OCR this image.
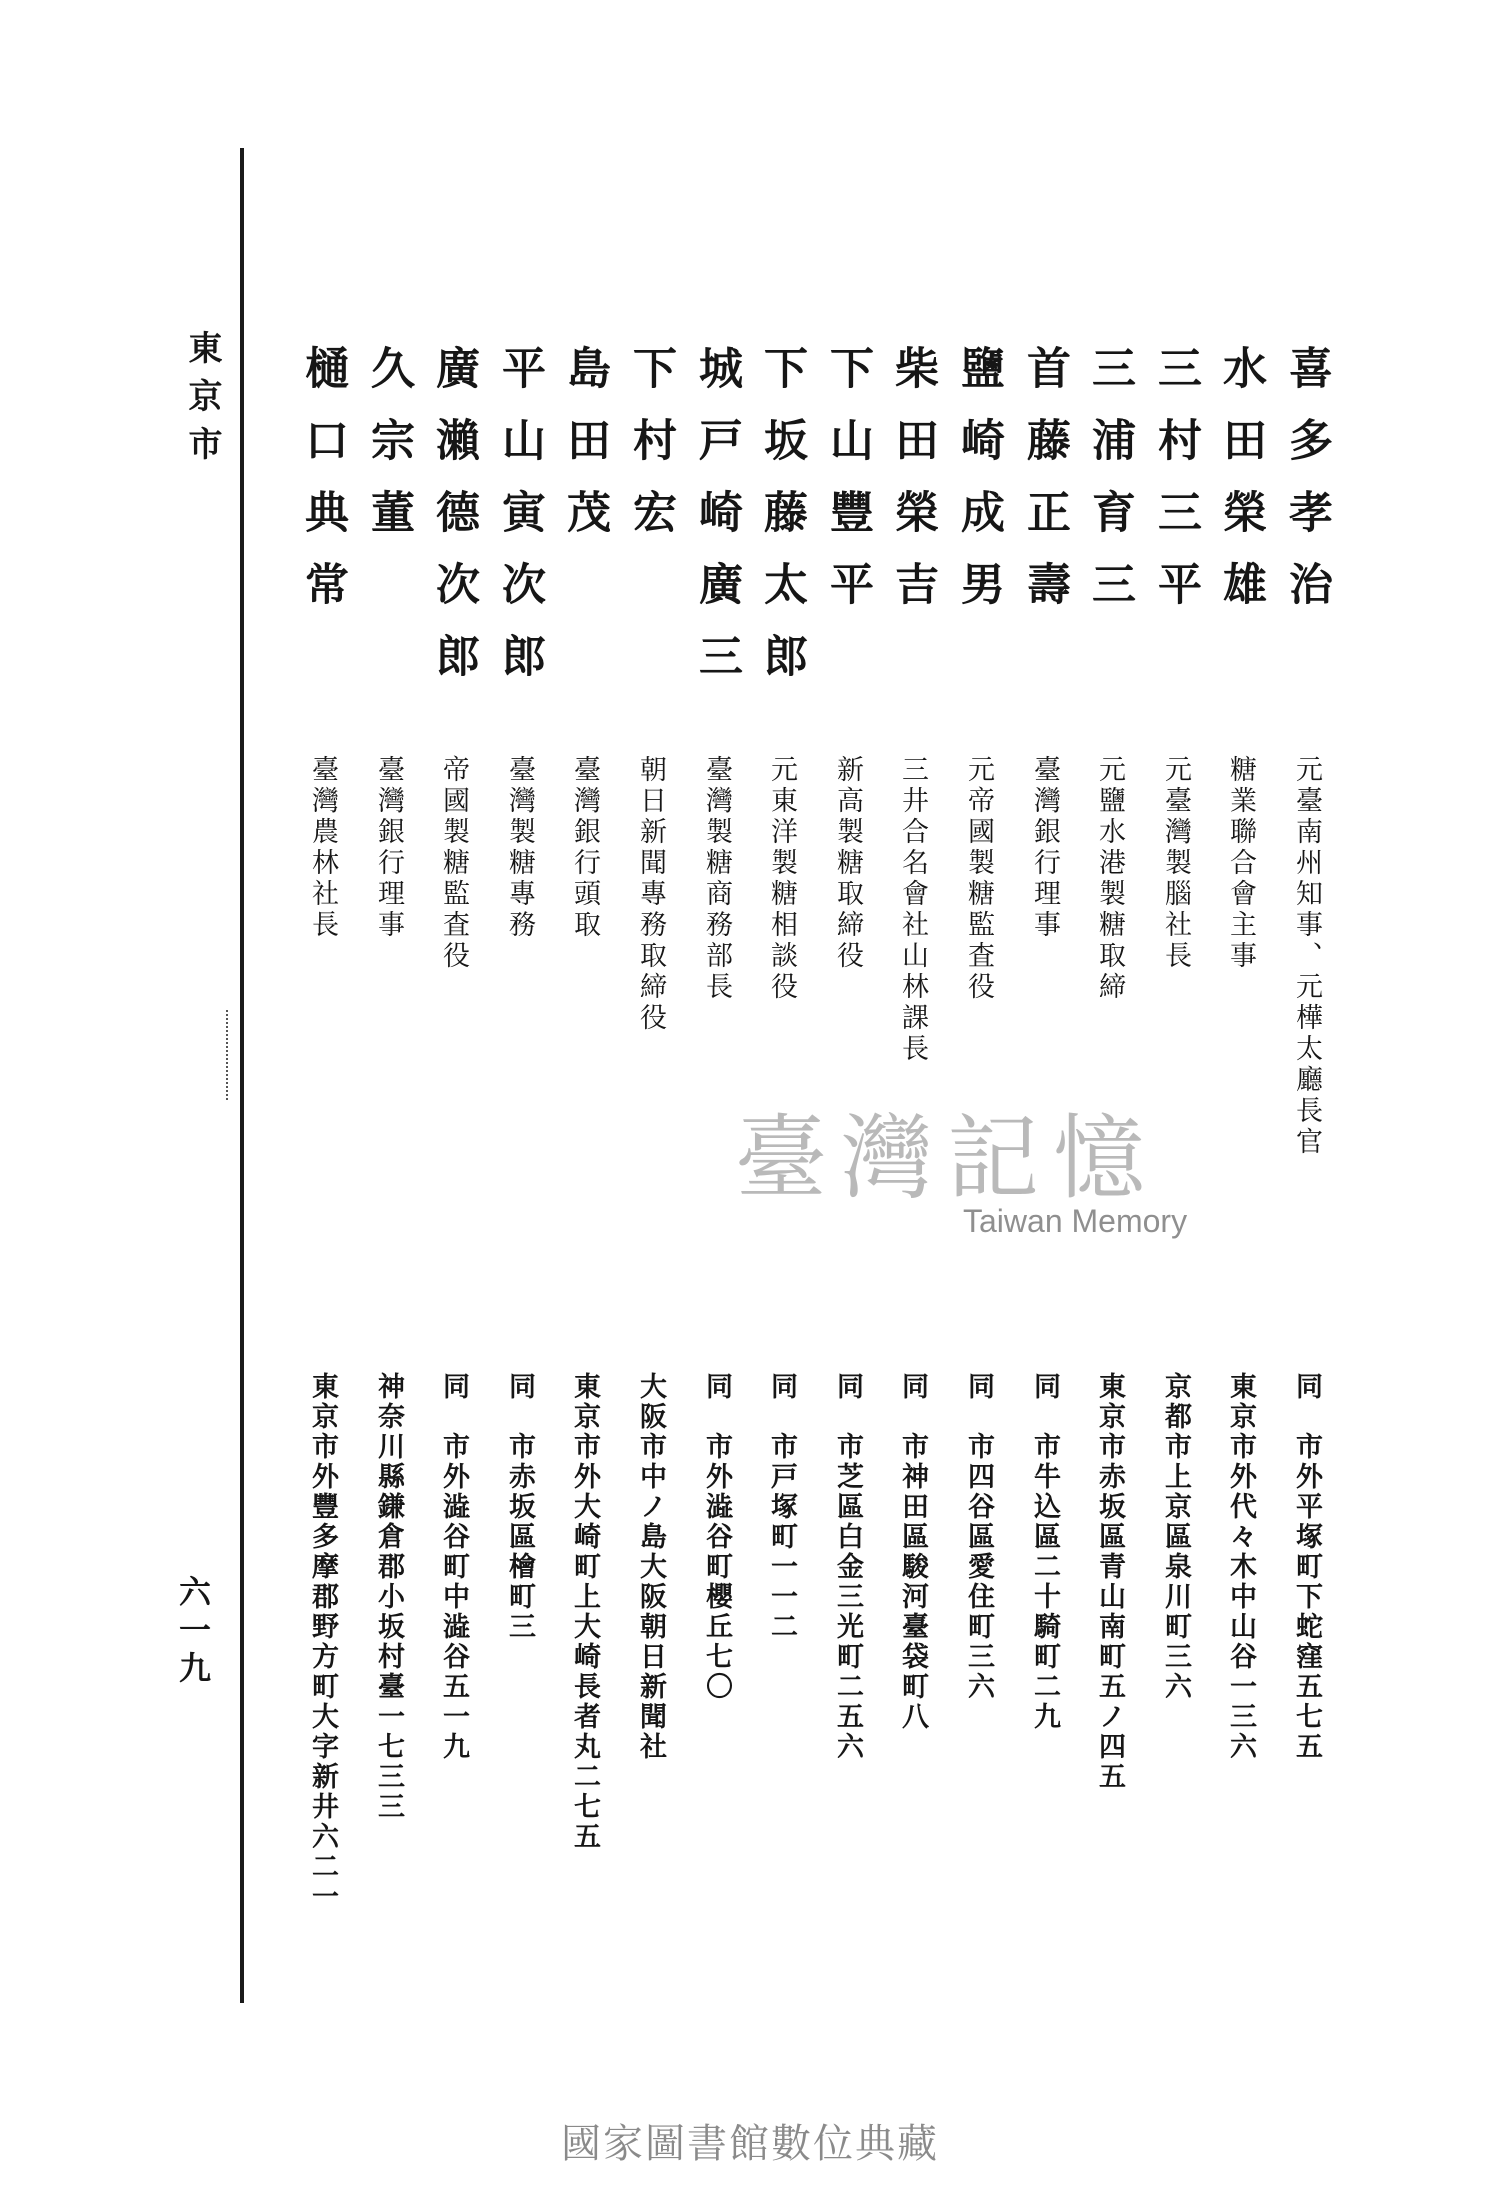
東京市
六一九
喜多孝治
元臺南州知事、元樺太廳長官
同　市外平塚町下蛇窪五七五
水田榮雄
糖業聯合會主事
東京市外代々木中山谷一三六
三村三平
元臺灣製腦社長
京都市上京區泉川町三六
三浦育三
元鹽水港製糖取締
東京市赤坂區青山南町五ノ四五
首藤正壽
臺灣銀行理事
同　市牛込區二十騎町二九
鹽崎成男
元帝國製糖監査役
同　市四谷區愛住町三六
柴田榮吉
三井合名會社山林課長
同　市神田區駿河臺袋町八
下山豐平
新高製糖取締役
同　市芝區白金三光町二五六
下坂藤太郎
元東洋製糖相談役
同　市戸塚町一一二
城戸崎廣三
臺灣製糖商務部長
同　市外澁谷町櫻丘七〇
下村宏
朝日新聞專務取締役
大阪市中ノ島大阪朝日新聞社
島田茂
臺灣銀行頭取
東京市外大崎町上大崎長者丸二七五
平山寅次郎
臺灣製糖專務
同　市赤坂區檜町三
廣瀨德次郎
帝國製糖監査役
同　市外澁谷町中澁谷五一九
久宗董
臺灣銀行理事
神奈川縣鎌倉郡小坂村臺一七三三
樋口典常
臺灣農林社長
東京市外豐多摩郡野方町大字新井六二一
臺灣記憶
Taiwan Memory
國家圖書館數位典藏
